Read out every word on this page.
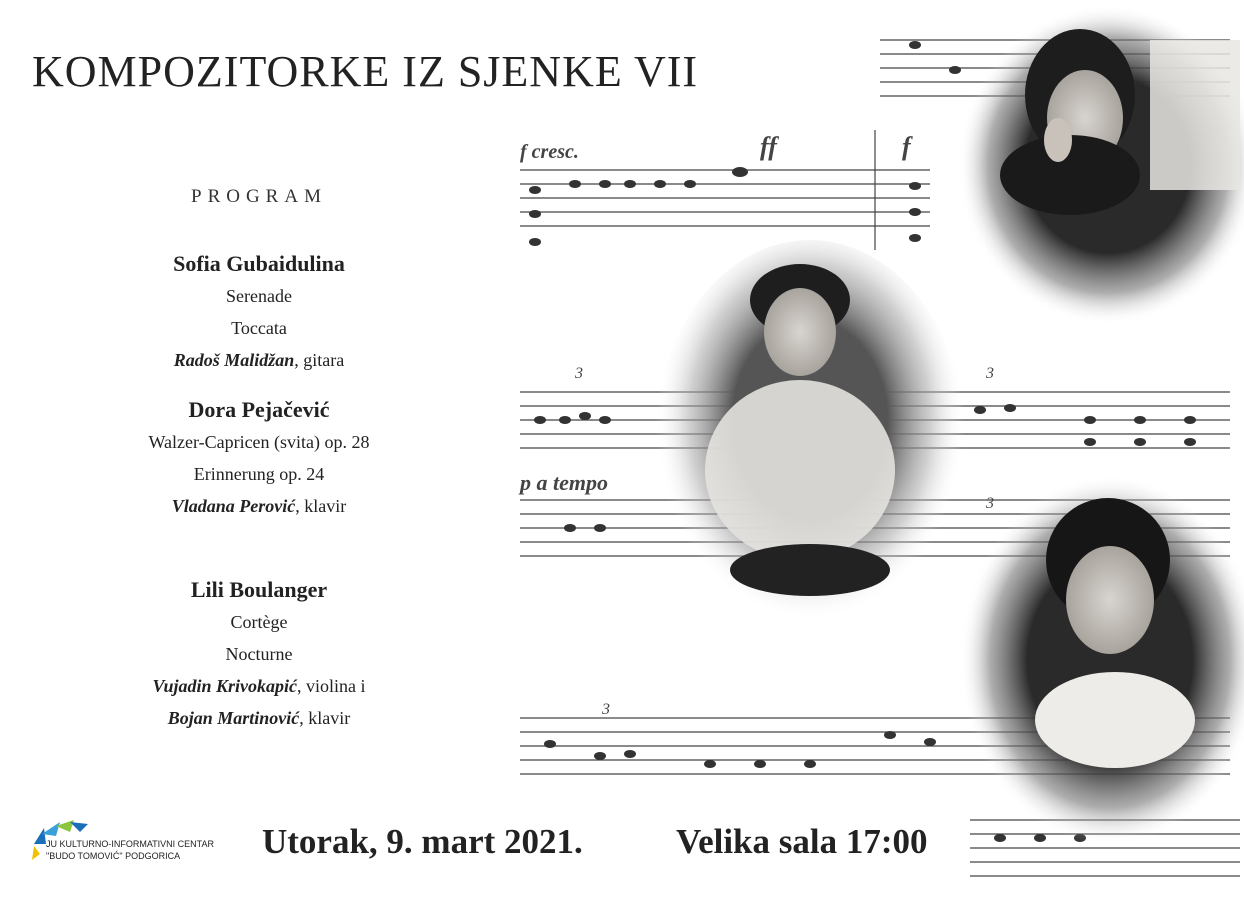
KOMPOZITORKE IZ SJENKE VII
PROGRAM
Sofia Gubaidulina
Serenade
Toccata
Radoš Malidžan, gitara
Dora Pejačević
Walzer-Capricen (svita) op. 28
Erinnerung op. 24
Vladana Perović, klavir
Lili Boulanger
Cortège
Nocturne
Vujadin Krivokapić, violina i
Bojan Martinović, klavir
f cresc.	ff	f
p a tempo
3	3
3
3
JU KULTURNO-INFORMATIVNI CENTAR
"BUDO TOMOVIĆ" PODGORICA	Utorak, 9. mart 2021.	Velika sala 17:00
